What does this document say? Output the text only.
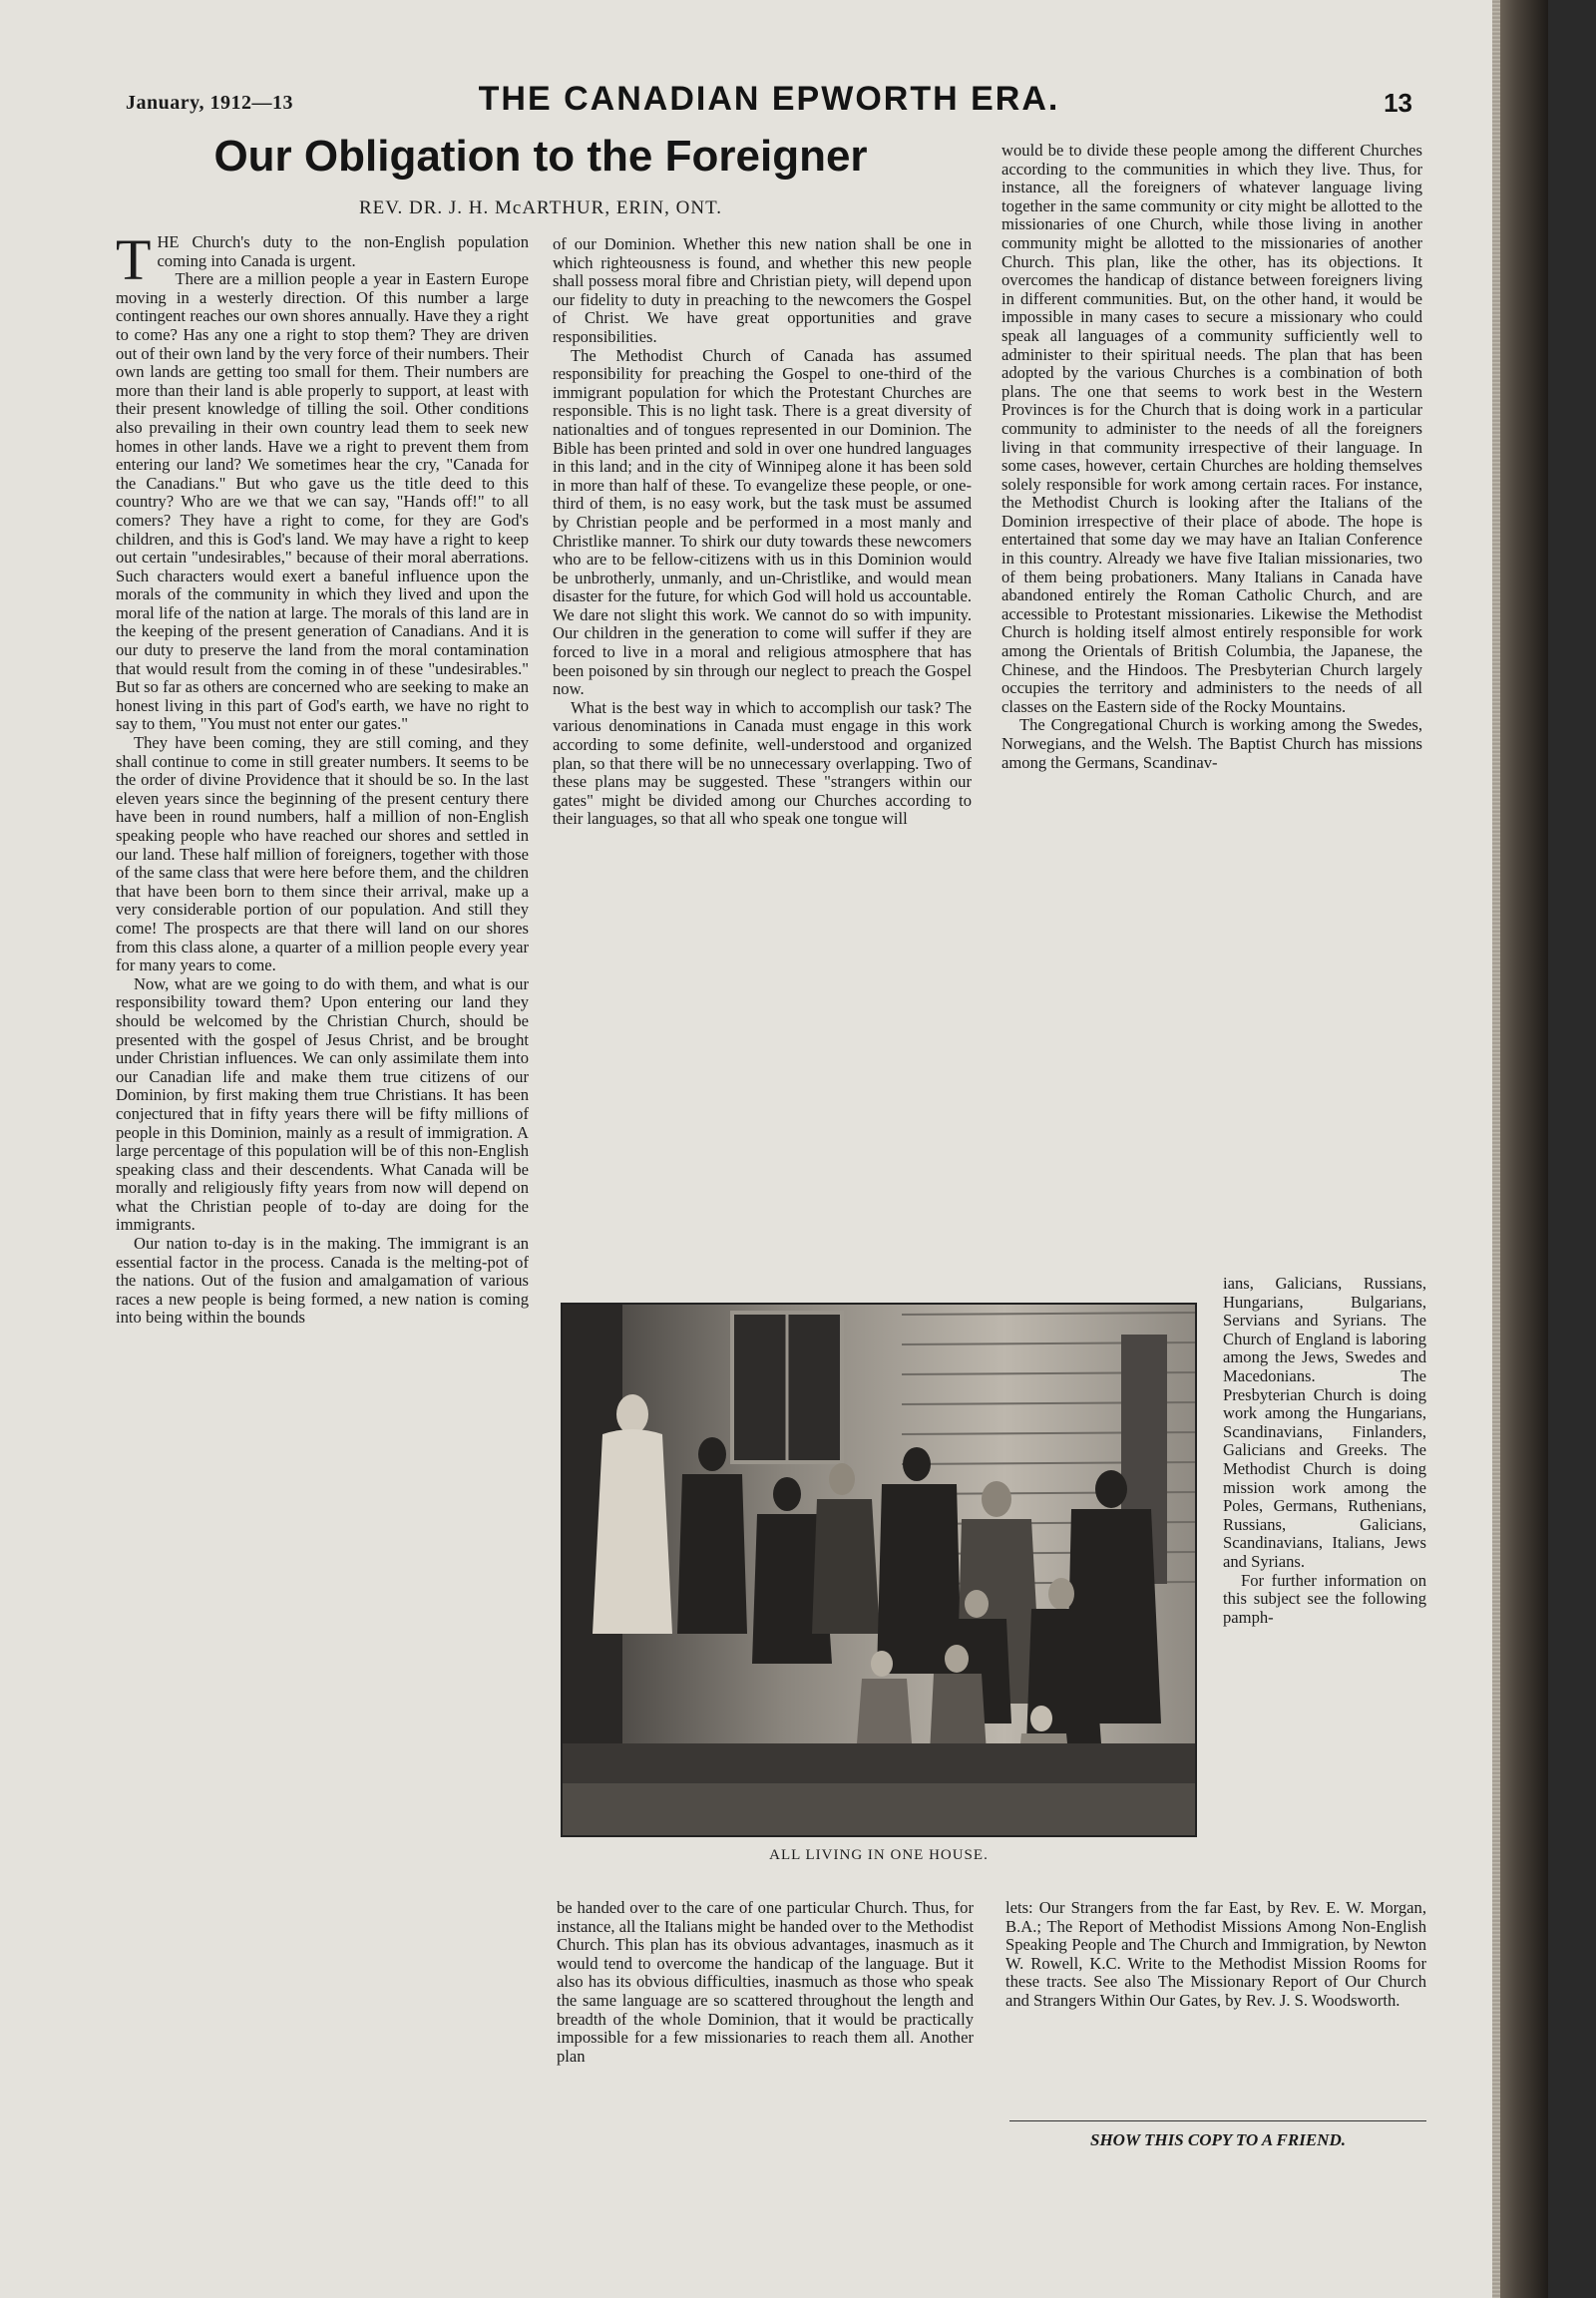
January, 1912—13	THE CANADIAN EPWORTH ERA.	13
Our Obligation to the Foreigner
REV. DR. J. H. McARTHUR, ERIN, ONT.

THE Church's duty to the non-English population coming into Canada is urgent.

There are a million people a year in Eastern Europe moving in a westerly direction. Of this number a large contingent reaches our own shores annually. Have they a right to come? Has any one a right to stop them? They are driven out of their own land by the very force of their numbers. Their own lands are getting too small for them. Their numbers are more than their land is able properly to support, at least with their present knowledge of tilling the soil. Other conditions also prevailing in their own country lead them to seek new homes in other lands. Have we a right to prevent them from entering our land? We sometimes hear the cry, "Canada for the Canadians." But who gave us the title deed to this country? Who are we that we can say, "Hands off!" to all comers? They have a right to come, for they are God's children, and this is God's land. We may have a right to keep out certain "undesirables," because of their moral aberrations. Such characters would exert a baneful influence upon the morals of the community in which they lived and upon the moral life of the nation at large. The morals of this land are in the keeping of the present generation of Canadians. And it is our duty to preserve the land from the moral contamination that would result from the coming in of these "undesirables." But so far as others are concerned who are seeking to make an honest living in this part of God's earth, we have no right to say to them, "You must not enter our gates."

They have been coming, they are still coming, and they shall continue to come in still greater numbers. It seems to be the order of divine Providence that it should be so. In the last eleven years since the beginning of the present century there have been in round numbers, half a million of non-English speaking people who have reached our shores and settled in our land. These half million of foreigners, together with those of the same class that were here before them, and the children that have been born to them since their arrival, make up a very considerable portion of our population. And still they come! The prospects are that there will land on our shores from this class alone, a quarter of a million people every year for many years to come.

Now, what are we going to do with them, and what is our responsibility toward them? Upon entering our land they should be welcomed by the Christian Church, should be presented with the gospel of Jesus Christ, and be brought under Christian influences. We can only assimilate them into our Canadian life and make them true citizens of our Dominion, by first making them true Christians. It has been conjectured that in fifty years there will be fifty millions of people in this Dominion, mainly as a result of immigration. A large percentage of this population will be of this non-English speaking class and their descendents. What Canada will be morally and religiously fifty years from now will depend on what the Christian people of to-day are doing for the immigrants.

Our nation to-day is in the making. The immigrant is an essential factor in the process. Canada is the melting-pot of the nations. Out of the fusion and amalgamation of various races a new people is being formed, a new nation is coming into being within the bounds

of our Dominion. Whether this new nation shall be one in which righteousness is found, and whether this new people shall possess moral fibre and Christian piety, will depend upon our fidelity to duty in preaching to the newcomers the Gospel of Christ. We have great opportunities and grave responsibilities.

The Methodist Church of Canada has assumed responsibility for preaching the Gospel to one-third of the immigrant population for which the Protestant Churches are responsible. This is no light task. There is a great diversity of nationalties and of tongues represented in our Dominion. The Bible has been printed and sold in over one hundred languages in this land; and in the city of Winnipeg alone it has been sold in more than half of these. To evangelize these people, or one-third of them, is no easy work, but the task must be assumed by Christian people and be performed in a most manly and Christlike manner. To shirk our duty towards these newcomers who are to be fellow-citizens with us in this Dominion would be unbrotherly, unmanly, and un-Christlike, and would mean disaster for the future, for which God will hold us accountable. We dare not slight this work. We cannot do so with impunity. Our children in the generation to come will suffer if they are forced to live in a moral and religious atmosphere that has been poisoned by sin through our neglect to preach the Gospel now.

What is the best way in which to accomplish our task? The various denominations in Canada must engage in this work according to some definite, well-understood and organized plan, so that there will be no unnecessary overlapping. Two of these plans may be suggested. These "strangers within our gates" might be divided among our Churches according to their languages, so that all who speak one tongue will

would be to divide these people among the different Churches according to the communities in which they live. Thus, for instance, all the foreigners of whatever language living together in the same community or city might be allotted to the missionaries of one Church, while those living in another community might be allotted to the missionaries of another Church. This plan, like the other, has its objections. It overcomes the handicap of distance between foreigners living in different communities. But, on the other hand, it would be impossible in many cases to secure a missionary who could speak all languages of a community sufficiently well to administer to their spiritual needs. The plan that has been adopted by the various Churches is a combination of both plans. The one that seems to work best in the Western Provinces is for the Church that is doing work in a particular community to administer to the needs of all the foreigners living in that community irrespective of their language. In some cases, however, certain Churches are holding themselves solely responsible for work among certain races. For instance, the Methodist Church is looking after the Italians of the Dominion irrespective of their place of abode. The hope is entertained that some day we may have an Italian Conference in this country. Already we have five Italian missionaries, two of them being probationers. Many Italians in Canada have abandoned entirely the Roman Catholic Church, and are accessible to Protestant missionaries. Likewise the Methodist Church is holding itself almost entirely responsible for work among the Orientals of British Columbia, the Japanese, the Chinese, and the Hindoos. The Presbyterian Church largely occupies the territory and administers to the needs of all classes on the Eastern side of the Rocky Mountains.

The Congregational Church is working among the Swedes, Norwegians, and the Welsh. The Baptist Church has missions among the Germans, Scandinav-

ALL LIVING IN ONE HOUSE.

ians, Galicians, Russians, Hungarians, Bulgarians, Servians and Syrians. The Church of England is laboring among the Jews, Swedes and Macedonians. The Presbyterian Church is doing work among the Hungarians, Scandinavians, Finlanders, Galicians and Greeks. The Methodist Church is doing mission work among the Poles, Germans, Ruthenians, Russians, Galicians, Scandinavians, Italians, Jews and Syrians.

For further information on this subject see the following pamph-

be handed over to the care of one particular Church. Thus, for instance, all the Italians might be handed over to the Methodist Church. This plan has its obvious advantages, inasmuch as it would tend to overcome the handicap of the language. But it also has its obvious difficulties, inasmuch as those who speak the same language are so scattered throughout the length and breadth of the whole Dominion, that it would be practically impossible for a few missionaries to reach them all. Another plan

lets: Our Strangers from the far East, by Rev. E. W. Morgan, B.A.; The Report of Methodist Missions Among Non-English Speaking People and The Church and Immigration, by Newton W. Rowell, K.C. Write to the Methodist Mission Rooms for these tracts. See also The Missionary Report of Our Church and Strangers Within Our Gates, by Rev. J. S. Woodsworth.

SHOW THIS COPY TO A FRIEND.
